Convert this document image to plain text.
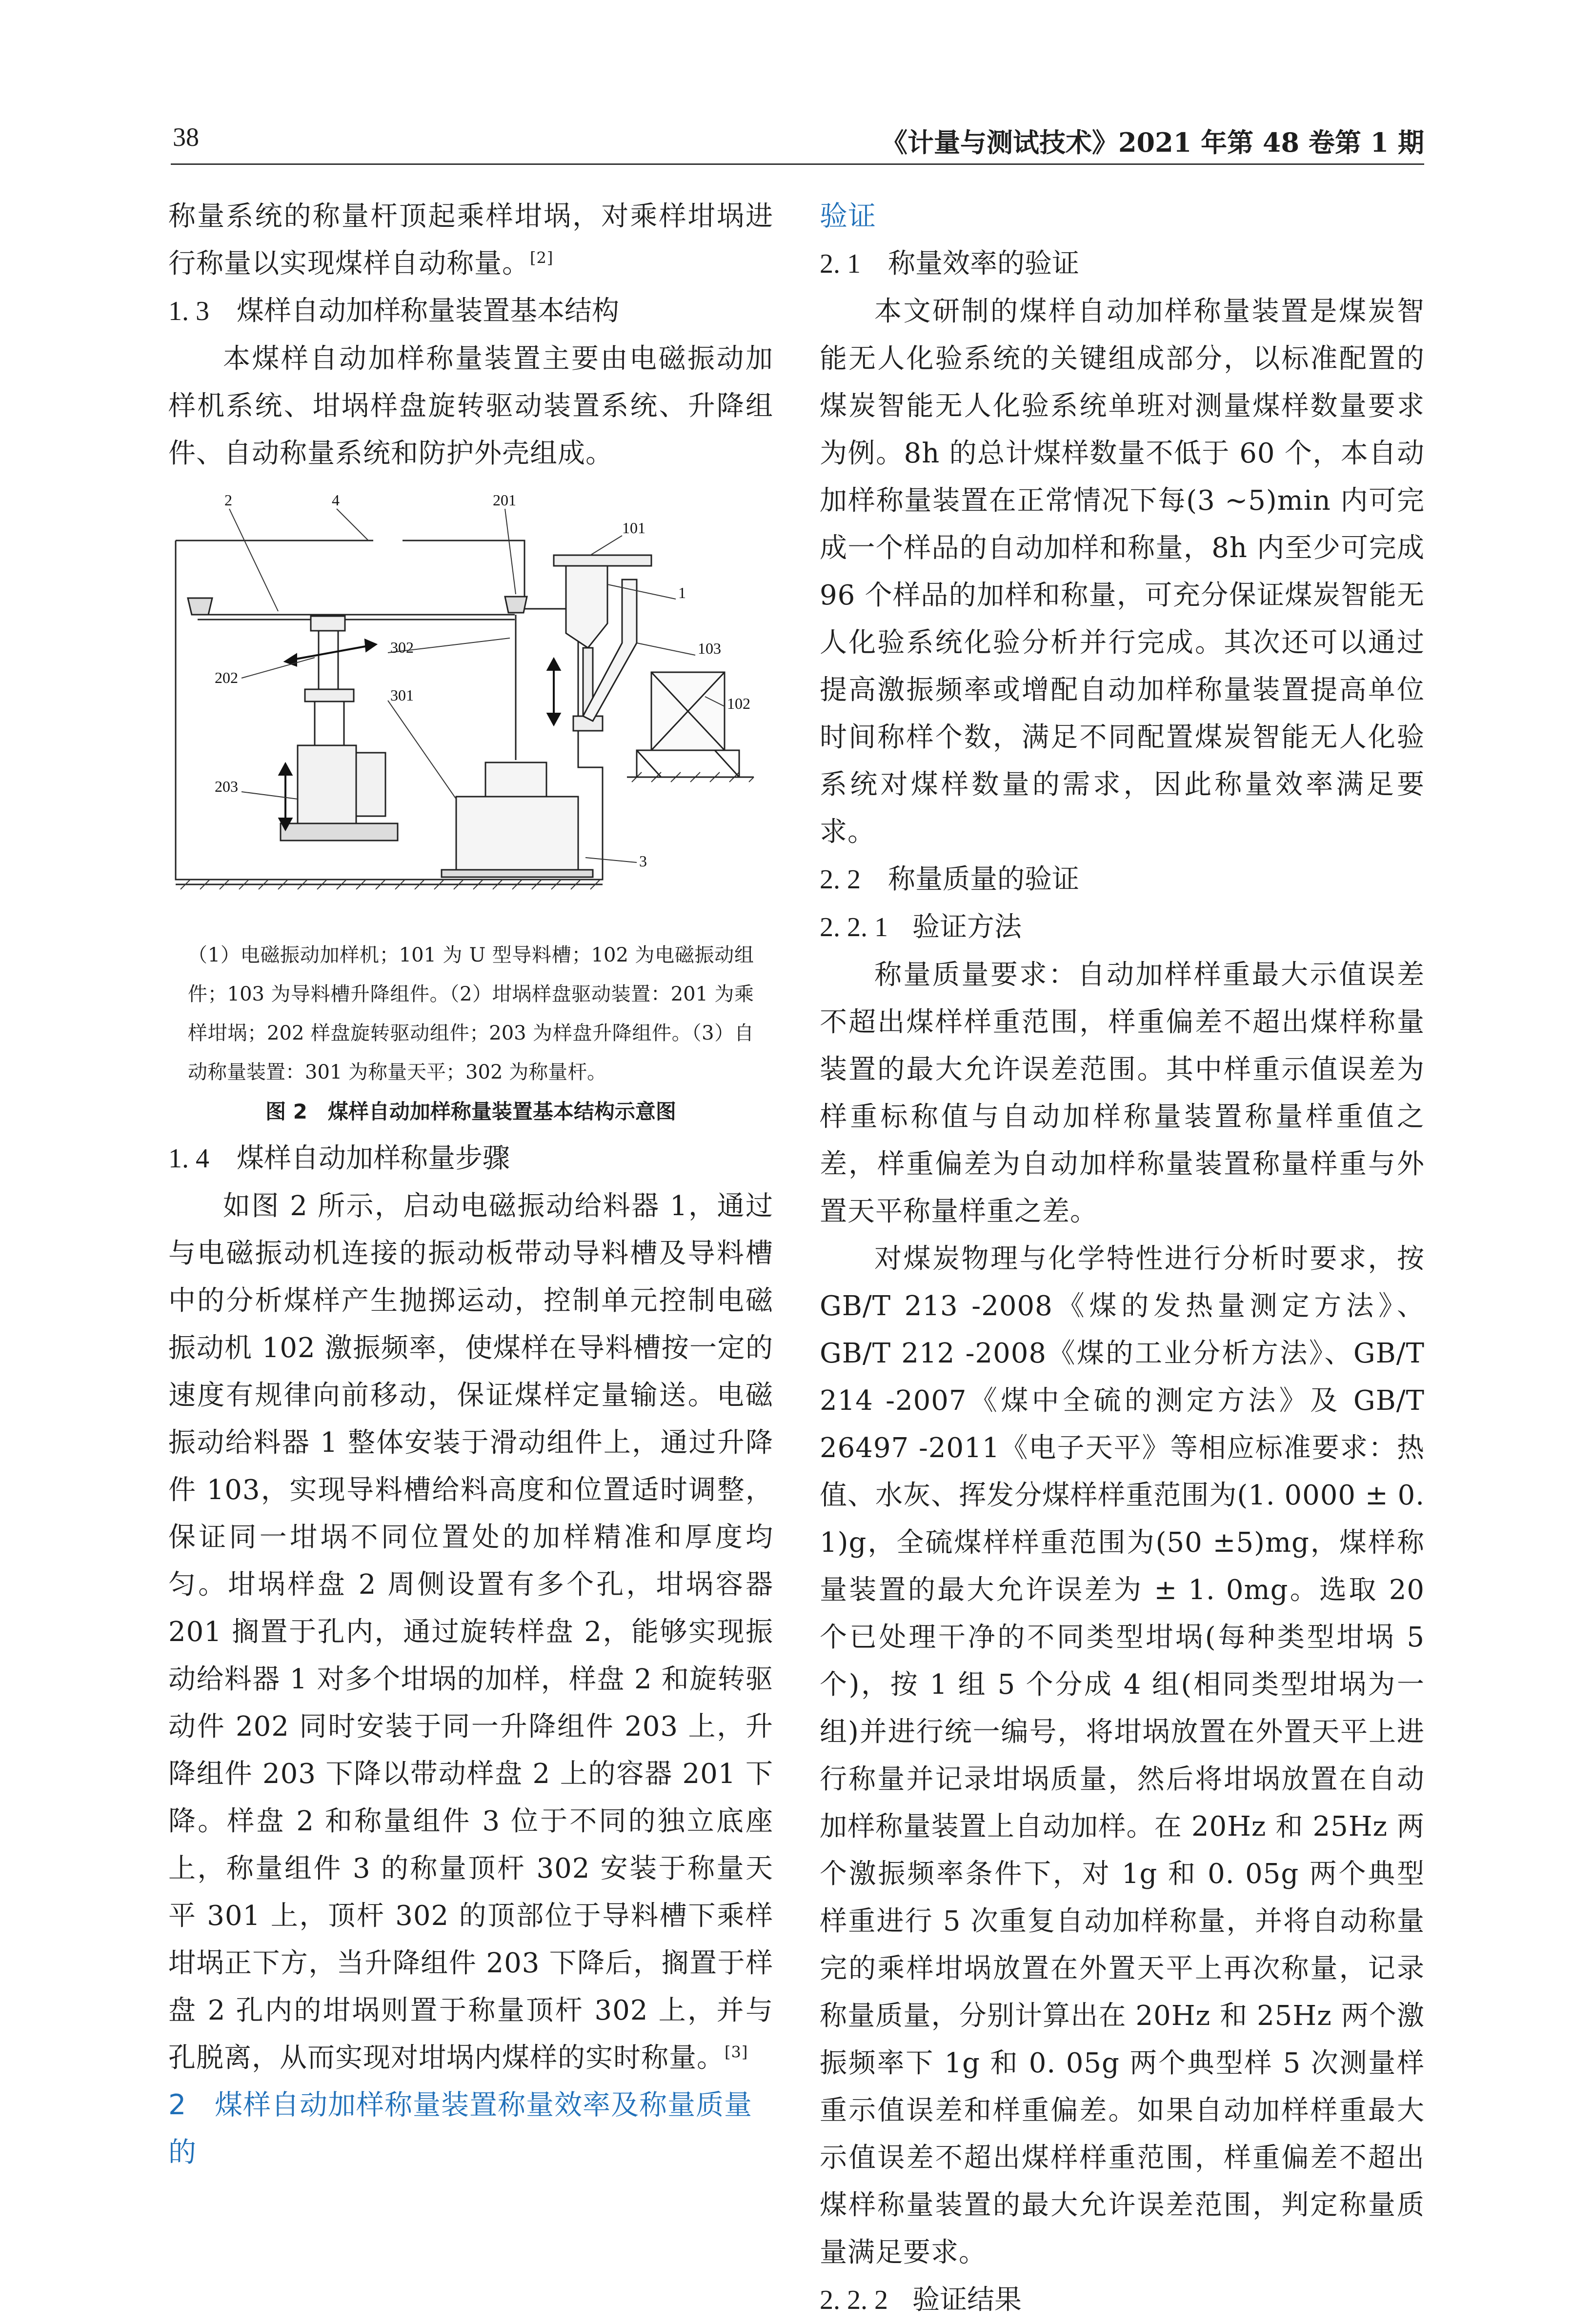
38	《计量与测试技术》2021 年第 48 卷第 1 期

称量系统的称量杆顶起乘样坩埚，对乘样坩埚进行称量以实现煤样自动称量。[2]

1. 3 煤样自动加样称量装置基本结构

本煤样自动加样称量装置主要由电磁振动加样机系统、坩埚样盘旋转驱动装置系统、升降组件、自动称量系统和防护外壳组成。

2	4	201
101
1
103
102
202
302
301
203
3

（1）电磁振动加样机；101 为 U 型导料槽；102 为电磁振动组件；103 为导料槽升降组件。（2）坩埚样盘驱动装置：201 为乘样坩埚；202 样盘旋转驱动组件；203 为样盘升降组件。（3）自动称量装置：301 为称量天平；302 为称量杆。

图 2　煤样自动加样称量装置基本结构示意图

1. 4 煤样自动加样称量步骤

如图 2 所示，启动电磁振动给料器 1，通过与电磁振动机连接的振动板带动导料槽及导料槽中的分析煤样产生抛掷运动，控制单元控制电磁振动机 102 激振频率，使煤样在导料槽按一定的速度有规律向前移动，保证煤样定量输送。电磁振动给料器 1 整体安装于滑动组件上，通过升降件 103，实现导料槽给料高度和位置适时调整，保证同一坩埚不同位置处的加样精准和厚度均匀。坩埚样盘 2 周侧设置有多个孔，坩埚容器 201 搁置于孔内，通过旋转样盘 2，能够实现振动给料器 1 对多个坩埚的加样，样盘 2 和旋转驱动件 202 同时安装于同一升降组件 203 上，升降组件 203 下降以带动样盘 2 上的容器 201 下降。样盘 2 和称量组件 3 位于不同的独立底座上，称量组件 3 的称量顶杆 302 安装于称量天平 301 上，顶杆 302 的顶部位于导料槽下乘样坩埚正下方，当升降组件 203 下降后，搁置于样盘 2 孔内的坩埚则置于称量顶杆 302 上，并与孔脱离，从而实现对坩埚内煤样的实时称量。[3]

2 煤样自动加样称量装置称量效率及称量质量的
验证
2. 1 称量效率的验证

本文研制的煤样自动加样称量装置是煤炭智能无人化验系统的关键组成部分，以标准配置的煤炭智能无人化验系统单班对测量煤样数量要求为例。8h 的总计煤样数量不低于 60 个，本自动加样称量装置在正常情况下每(3 ~5)min 内可完成一个样品的自动加样和称量，8h 内至少可完成 96 个样品的加样和称量，可充分保证煤炭智能无人化验系统化验分析并行完成。其次还可以通过提高激振频率或增配自动加样称量装置提高单位时间称样个数，满足不同配置煤炭智能无人化验系统对煤样数量的需求，因此称量效率满足要求。

2. 2 称量质量的验证
2. 2. 1 验证方法

称量质量要求：自动加样样重最大示值误差不超出煤样样重范围，样重偏差不超出煤样称量装置的最大允许误差范围。其中样重示值误差为样重标称值与自动加样称量装置称量样重值之差，样重偏差为自动加样称量装置称量样重与外置天平称量样重之差。

对煤炭物理与化学特性进行分析时要求，按 GB/T 213 -2008《煤的发热量测定方法》、GB/T 212 -2008《煤的工业分析方法》、GB/T 214 -2007《煤中全硫的测定方法》及 GB/T 26497 -2011《电子天平》等相应标准要求：热值、水灰、挥发分煤样样重范围为(1. 0000 ± 0. 1)g，全硫煤样样重范围为(50 ±5)mg，煤样称量装置的最大允许误差为 ± 1. 0mg。选取 20 个已处理干净的不同类型坩埚(每种类型坩埚 5 个)，按 1 组 5 个分成 4 组(相同类型坩埚为一组)并进行统一编号，将坩埚放置在外置天平上进行称量并记录坩埚质量，然后将坩埚放置在自动加样称量装置上自动加样。在 20Hz 和 25Hz 两个激振频率条件下，对 1g 和 0. 05g 两个典型样重进行 5 次重复自动加样称量，并将自动称量完的乘样坩埚放置在外置天平上再次称量，记录称量质量，分别计算出在 20Hz 和 25Hz 两个激振频率下 1g 和 0. 05g 两个典型样 5 次测量样重示值误差和样重偏差。如果自动加样样重最大示值误差不超出煤样样重范围，样重偏差不超出煤样称量装置的最大允许误差范围，判定称量质量满足要求。

2. 2. 2 验证结果
